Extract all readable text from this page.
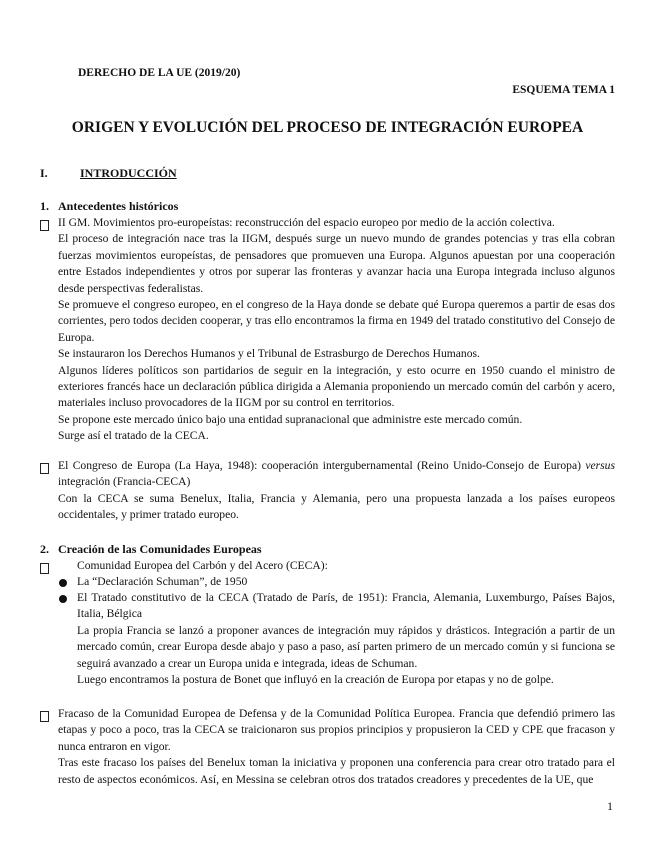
DERECHO DE LA UE (2019/20)
ESQUEMA TEMA 1
ORIGEN Y EVOLUCIÓN DEL PROCESO DE INTEGRACIÓN EUROPEA
I.	INTRODUCCIÓN
1. Antecedentes históricos

II GM. Movimientos pro-europeístas: reconstrucción del espacio europeo por medio de la acción colectiva.

El proceso de integración nace tras la IIGM, después surge un nuevo mundo de grandes potencias y tras ella cobran fuerzas movimientos europeístas, de pensadores que promueven una Europa. Algunos apuestan por una cooperación entre Estados independientes y otros por superar las fronteras y avanzar hacia una Europa integrada incluso algunos desde perspectivas federalistas.

Se promueve el congreso europeo, en el congreso de la Haya donde se debate qué Europa queremos a partir de esas dos corrientes, pero todos deciden cooperar, y tras ello encontramos la firma en 1949 del tratado constitutivo del Consejo de Europa.

Se instauraron los Derechos Humanos y el Tribunal de Estrasburgo de Derechos Humanos.

Algunos líderes políticos son partidarios de seguir en la integración, y esto ocurre en 1950 cuando el ministro de exteriores francés hace un declaración pública dirigida a Alemania proponiendo un mercado común del carbón y acero, materiales incluso provocadores de la IIGM por su control en territorios.

Se propone este mercado único bajo una entidad supranacional que administre este mercado común.

Surge así el tratado de la CECA.

El Congreso de Europa (La Haya, 1948): cooperación intergubernamental (Reino Unido-Consejo de Europa) versus integración (Francia-CECA)

Con la CECA se suma Benelux, Italia, Francia y Alemania, pero una propuesta lanzada a los países europeos occidentales, y primer tratado europeo.

2. Creación de las Comunidades Europeas

Comunidad Europea del Carbón y del Acero (CECA):

La “Declaración Schuman”, de 1950

El Tratado constitutivo de la CECA (Tratado de París, de 1951): Francia, Alemania, Luxemburgo, Países Bajos, Italia, Bélgica

La propia Francia se lanzó a proponer avances de integración muy rápidos y drásticos. Integración a partir de un mercado común, crear Europa desde abajo y paso a paso, así parten primero de un mercado común y si funciona se seguirá avanzado a crear un Europa unida e integrada, ideas de Schuman.

Luego encontramos la postura de Bonet que influyó en la creación de Europa por etapas y no de golpe.

Fracaso de la Comunidad Europea de Defensa y de la Comunidad Política Europea. Francia que defendió primero las etapas y poco a poco, tras la CECA se traicionaron sus propios principios y propusieron la CED y CPE que fracason y nunca entraron en vigor.

Tras este fracaso los países del Benelux toman la iniciativa y proponen una conferencia para crear otro tratado para el resto de aspectos económicos. Así, en Messina se celebran otros dos tratados creadores y precedentes de la UE, que

1
